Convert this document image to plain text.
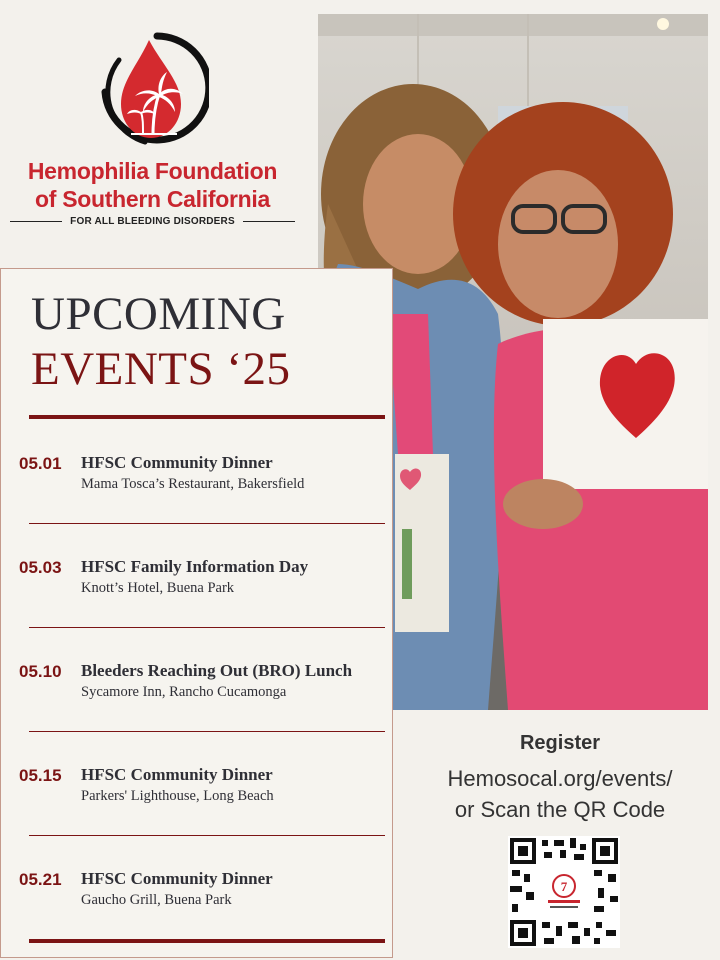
Hemophilia Foundation
of Southern California
FOR ALL BLEEDING DISORDERS
UPCOMING
EVENTS ‘25
05.01 HFSC Community Dinner
Mama Tosca’s Restaurant, Bakersfield
05.03 HFSC Family Information Day
Knott’s Hotel, Buena Park
05.10 Bleeders Reaching Out (BRO) Lunch
Sycamore Inn, Rancho Cucamonga
05.15 HFSC Community Dinner
Parkers' Lighthouse, Long Beach
05.21 HFSC Community Dinner
Gaucho Grill, Buena Park
Register
Hemosocal.org/events/
or Scan the QR Code
7
